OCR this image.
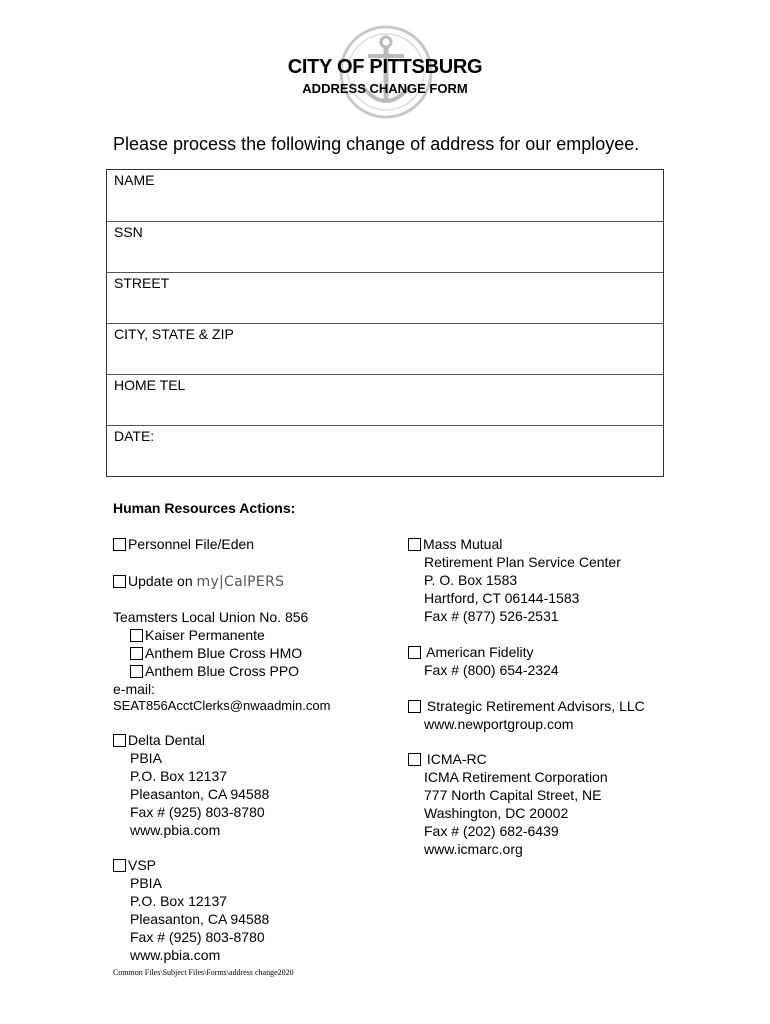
CITY OF PITTSBURG
ADDRESS CHANGE FORM
Please process the following change of address for our employee.
NAME
SSN
STREET
CITY, STATE & ZIP
HOME TEL
DATE:
Human Resources Actions:
Personnel File/Eden
Update on my|CalPERS
Teamsters Local Union No. 856
Kaiser Permanente
Anthem Blue Cross HMO
Anthem Blue Cross PPO
e-mail:
SEAT856AcctClerks@nwaadmin.com
Delta Dental
PBIA
P.O. Box 12137
Pleasanton, CA 94588
Fax # (925) 803-8780
www.pbia.com
VSP
PBIA
P.O. Box 12137
Pleasanton, CA 94588
Fax # (925) 803-8780
www.pbia.com
Mass Mutual
Retirement Plan Service Center
P. O. Box 1583
Hartford, CT 06144-1583
Fax # (877) 526-2531
American Fidelity
Fax # (800) 654-2324
Strategic Retirement Advisors, LLC
www.newportgroup.com
ICMA-RC
ICMA Retirement Corporation
777 North Capital Street, NE
Washington, DC 20002
Fax # (202) 682-6439
www.icmarc.org
Common Files\Subject Files\Forms\address change2020
